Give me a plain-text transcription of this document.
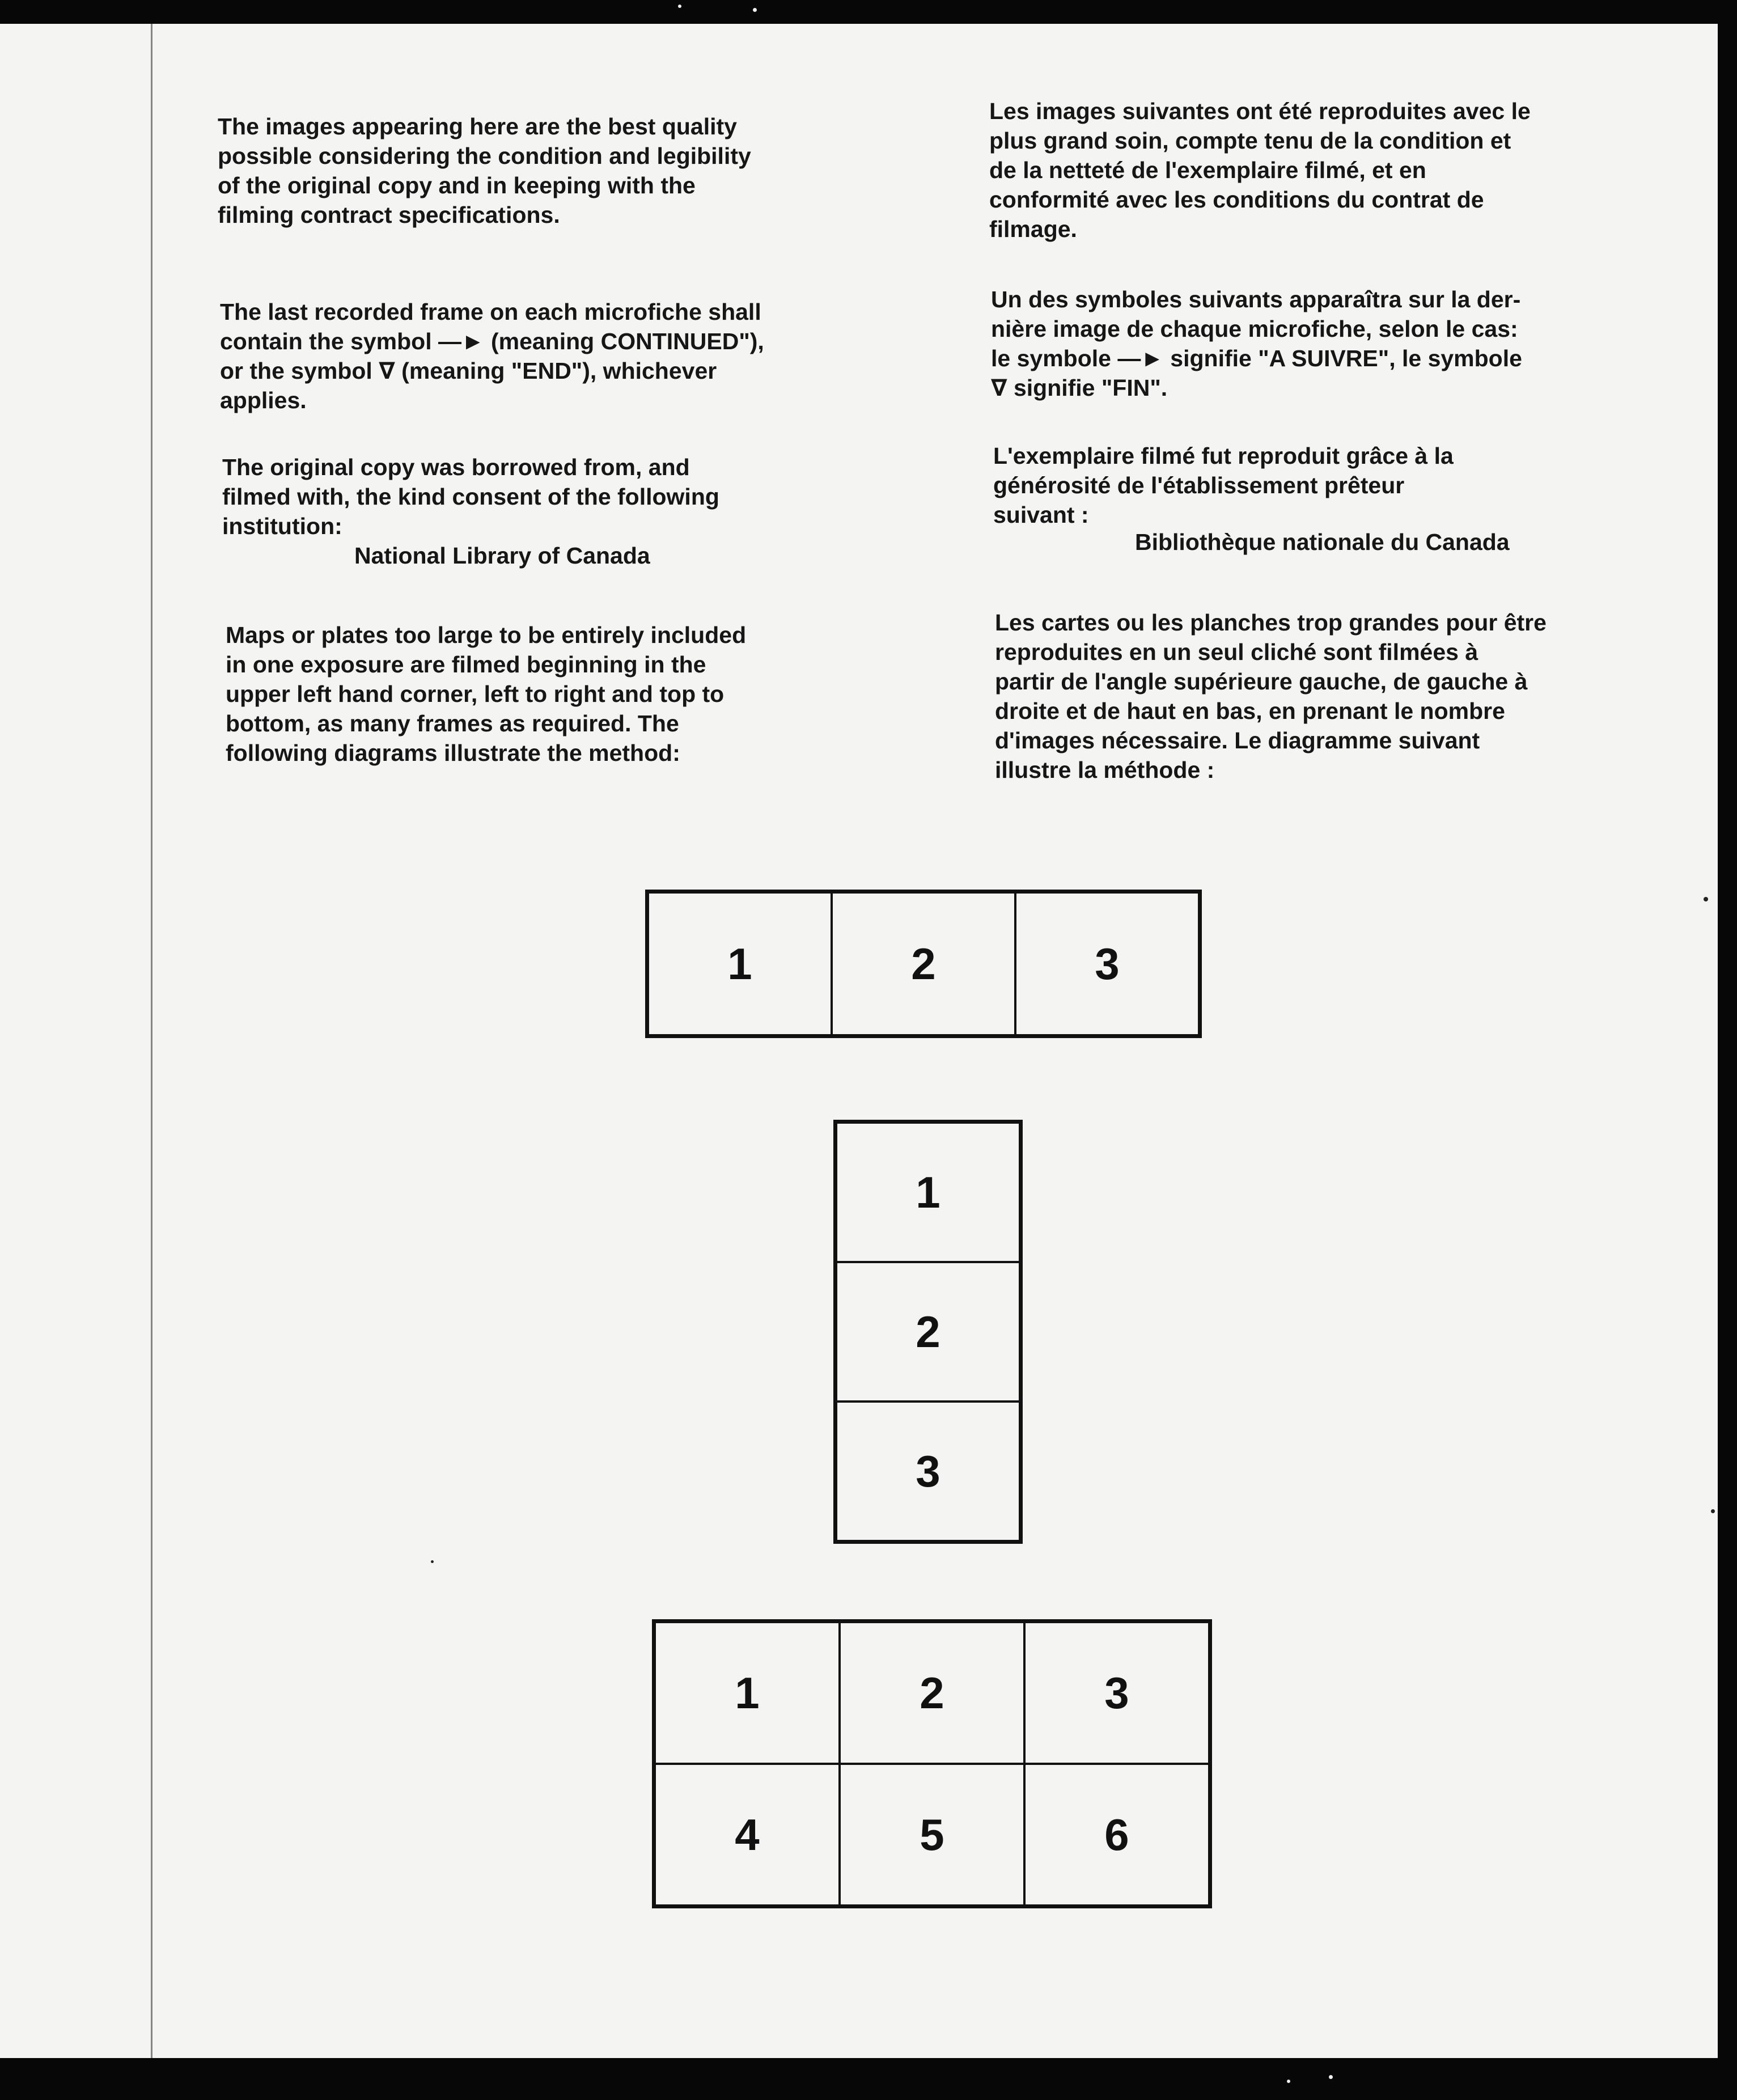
The images appearing here are the best quality
possible considering the condition and legibility
of the original copy and in keeping with the
filming contract specifications.
The last recorded frame on each microfiche shall
contain the symbol —► (meaning CONTINUED"),
or the symbol ∇ (meaning "END"), whichever
applies.
The original copy was borrowed from, and
filmed with, the kind consent of the following
institution:
National Library of Canada
Maps or plates too large to be entirely included
in one exposure are filmed beginning in the
upper left hand corner, left to right and top to
bottom, as many frames as required. The
following diagrams illustrate the method:
Les images suivantes ont été reproduites avec le
plus grand soin, compte tenu de la condition et
de la netteté de l'exemplaire filmé, et en
conformité avec les conditions du contrat de
filmage.
Un des symboles suivants apparaîtra sur la der-
nière image de chaque microfiche, selon le cas:
le symbole —► signifie "A SUIVRE", le symbole
∇ signifie "FIN".
L'exemplaire filmé fut reproduit grâce à la
générosité de l'établissement prêteur
suivant :
Bibliothèque nationale du Canada
Les cartes ou les planches trop grandes pour être
reproduites en un seul cliché sont filmées à
partir de l'angle supérieure gauche, de gauche à
droite et de haut en bas, en prenant le nombre
d'images nécessaire. Le diagramme suivant
illustre la méthode :
1	2	3
1
2
3
1	2	3
4	5	6
